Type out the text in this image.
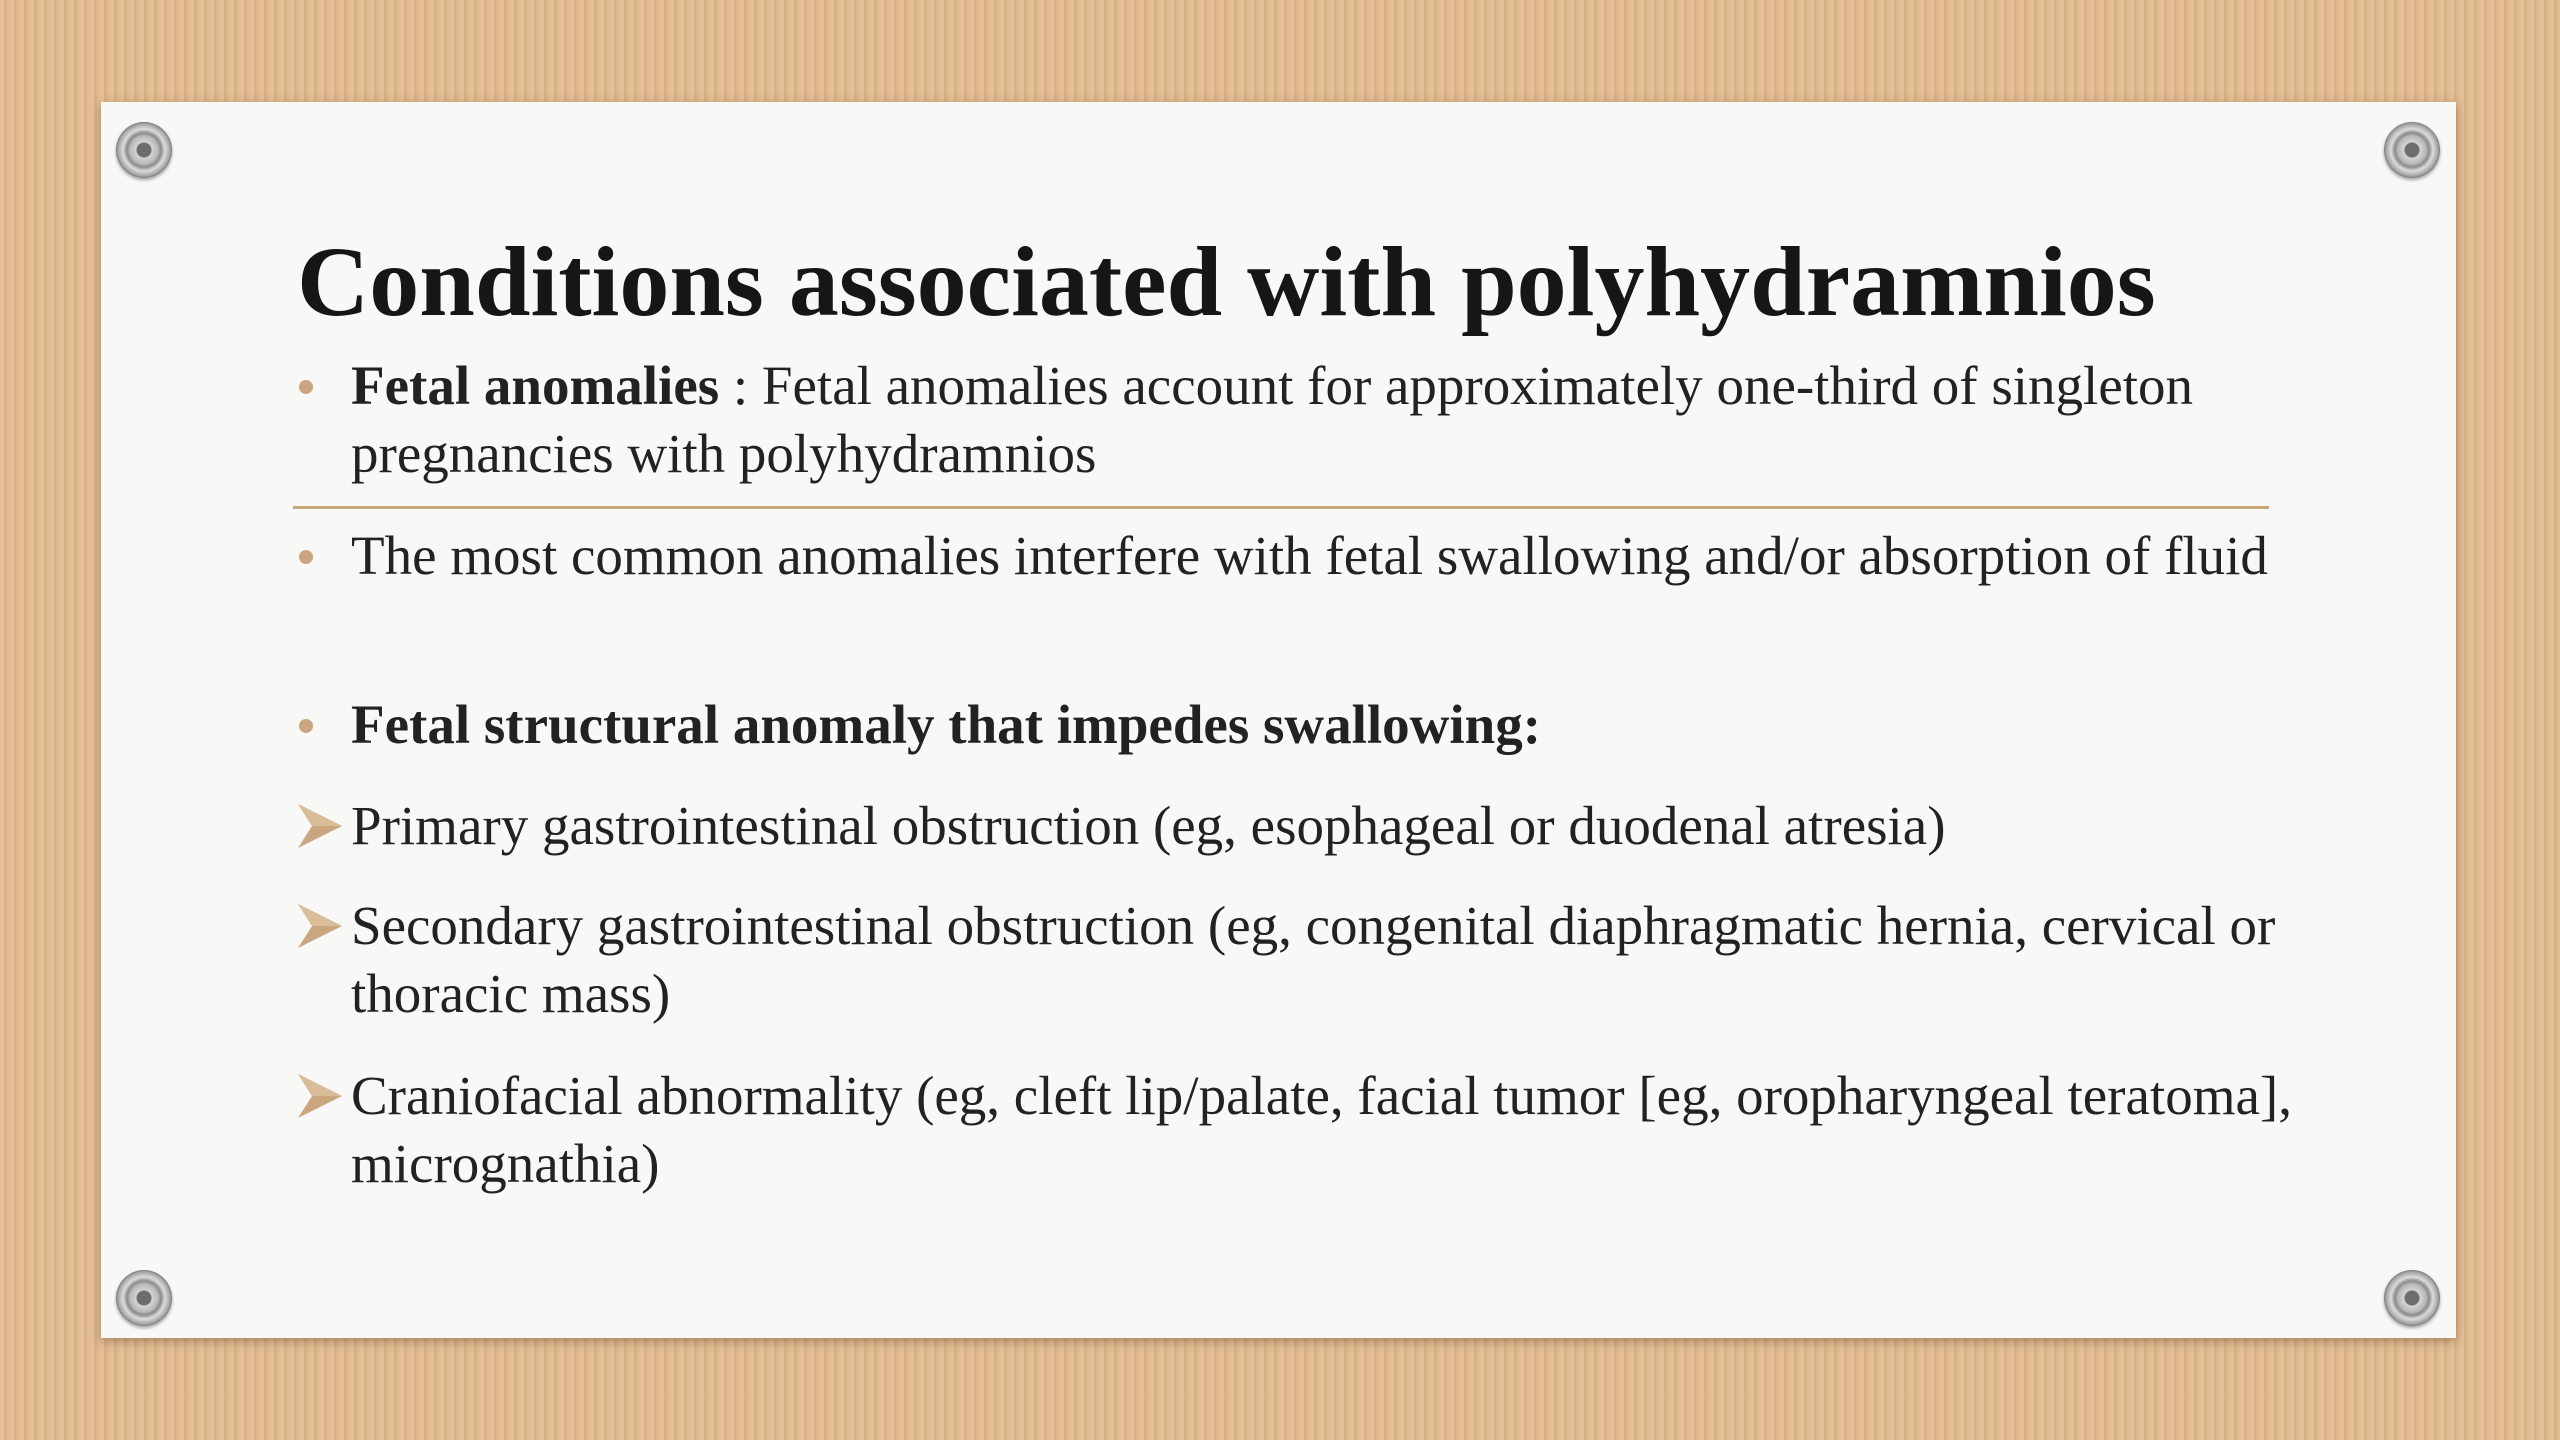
Conditions associated with polyhydramnios
Fetal anomalies : Fetal anomalies account for approximately one-third of singleton pregnancies with polyhydramnios
The most common anomalies interfere with fetal swallowing and/or absorption of fluid
Fetal structural anomaly that impedes swallowing:
Primary gastrointestinal obstruction (eg, esophageal or duodenal atresia)
Secondary gastrointestinal obstruction (eg, congenital diaphragmatic hernia, cervical or thoracic mass)
Craniofacial abnormality (eg, cleft lip/palate, facial tumor [eg, oropharyngeal teratoma], micrognathia)
